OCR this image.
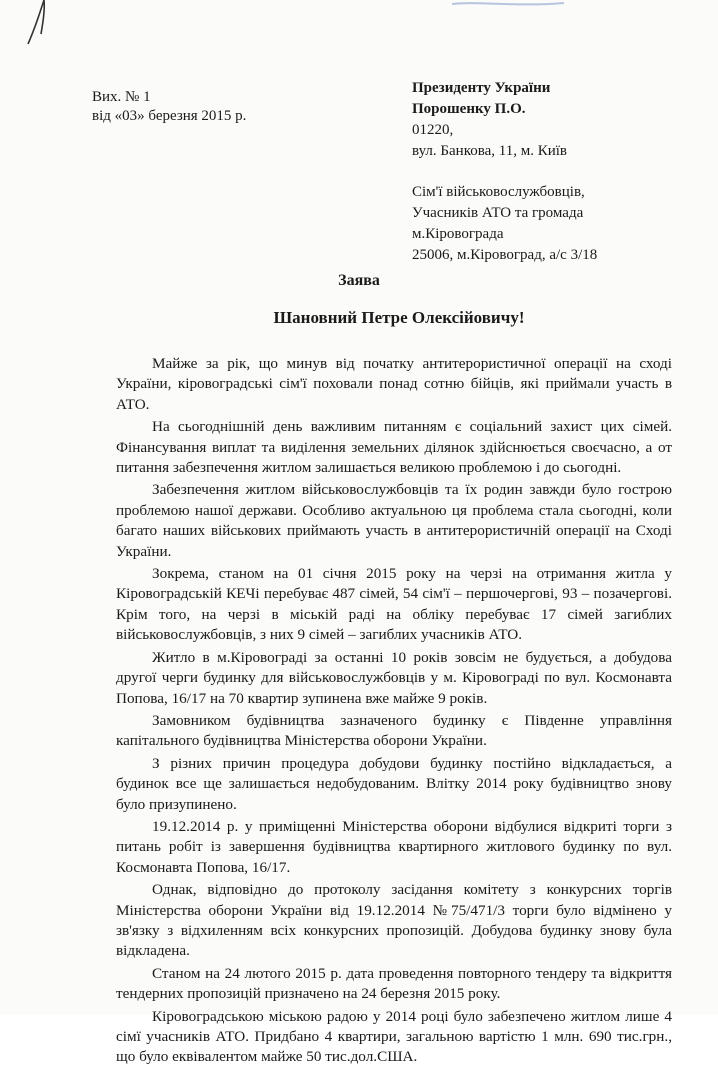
Вих. № 1
від «03» березня 2015 р.
Президенту України
Порошенку П.О.
01220,
вул. Банкова, 11, м. Київ
Сім'ї військовослужбовців,
Учасників АТО та громада
м.Кіровограда
25006, м.Кіровоград, а/с 3/18
Заява
Шановний Петре Олексійовичу!

Майже за рік, що минув від початку антитерористичної операції на сході України, кіровоградські сім'ї поховали понад сотню бійців, які приймали участь в АТО.

На сьогоднішній день важливим питанням є соціальний захист цих сімей. Фінансування виплат та виділення земельних ділянок здійснюється своєчасно, а от питання забезпечення житлом залишається великою проблемою і до сьогодні.

Забезпечення житлом військовослужбовців та їх родин завжди було гострою проблемою нашої держави. Особливо актуальною ця проблема стала сьогодні, коли багато наших військових приймають участь в антитерористичній операції на Сході України.

Зокрема, станом на 01 січня 2015 року на черзі на отримання житла у Кіровоградській КЕЧі перебуває 487 сімей, 54 сім'ї – першочергові, 93 – позачергові. Крім того, на черзі в міській раді на обліку перебуває 17 сімей загиблих військовослужбовців, з них 9 сімей – загиблих учасників АТО.

Житло в м.Кіровограді за останні 10 років зовсім не будується, а добудова другої черги будинку для військовослужбовців у м. Кіровограді по вул. Космонавта Попова, 16/17 на 70 квартир зупинена вже майже 9 років.

Замовником будівництва зазначеного будинку є Південне управління капітального будівництва Міністерства оборони України.

З різних причин процедура добудови будинку постійно відкладається, а будинок все ще залишається недобудованим. Влітку 2014 року будівництво знову було призупинено.

19.12.2014 р. у приміщенні Міністерства оборони відбулися відкриті торги з питань робіт із завершення будівництва квартирного житлового будинку по вул. Космонавта Попова, 16/17.

Однак, відповідно до протоколу засідання комітету з конкурсних торгів Міністерства оборони України від 19.12.2014 №75/471/3 торги було відмінено у зв'язку з відхиленням всіх конкурсних пропозицій. Добудова будинку знову була відкладена.

Станом на 24 лютого 2015 р. дата проведення повторного тендеру та відкриття тендерних пропозицій призначено на 24 березня 2015 року.

Кіровоградською міською радою у 2014 році було забезпечено житлом лише 4 сімї учасників АТО. Придбано 4 квартири, загальною вартістю 1 млн. 690 тис.грн., що було еквівалентом майже 50 тис.дол.США.
